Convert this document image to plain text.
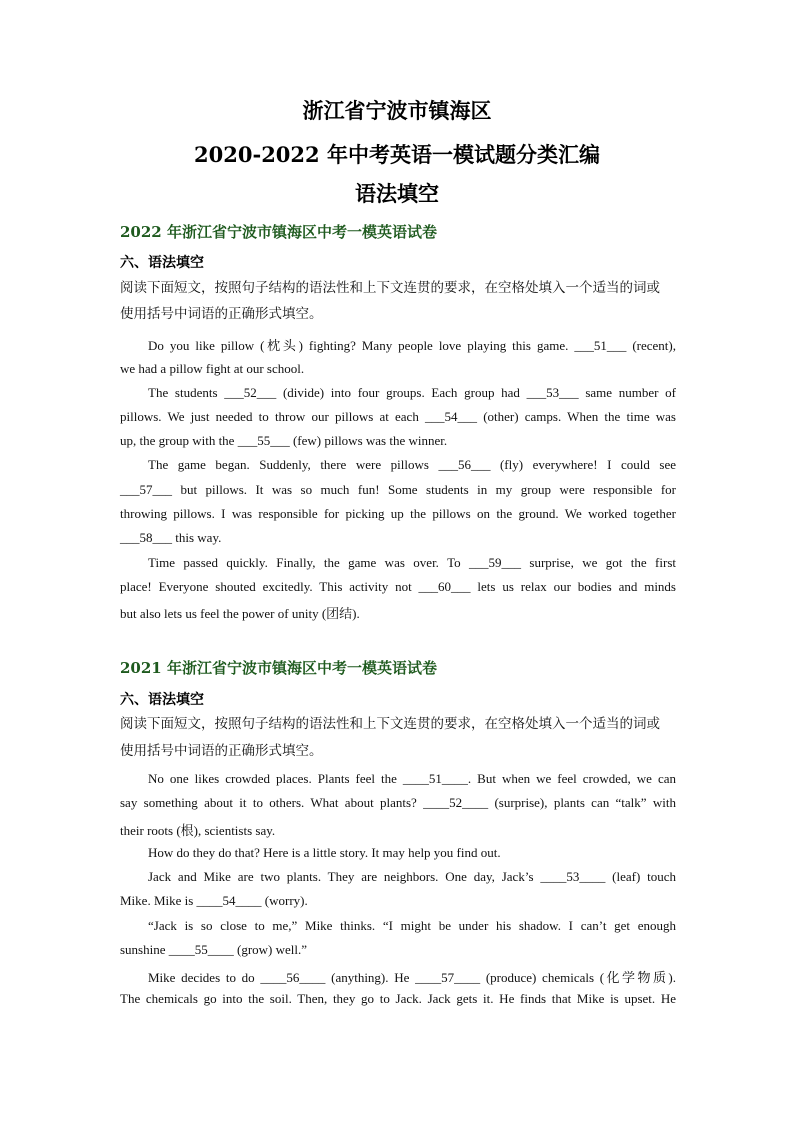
浙江省宁波市镇海区
2020-2022 年中考英语一模试题分类汇编
语法填空
2022 年浙江省宁波市镇海区中考一模英语试卷
六、语法填空
阅读下面短文，按照句子结构的语法性和上下文连贯的要求，在空格处填入一个适当的词或
使用括号中词语的正确形式填空。
Do you like pillow (枕头) fighting? Many people love playing this game. ___51___ (recent),
we had a pillow fight at our school.
The students ___52___ (divide) into four groups. Each group had ___53___ same number of
pillows. We just needed to throw our pillows at each ___54___ (other) camps. When the time was
up, the group with the ___55___ (few) pillows was the winner.
The game began. Suddenly, there were pillows ___56___ (fly) everywhere! I could see
___57___ but pillows. It was so much fun! Some students in my group were responsible for
throwing pillows. I was responsible for picking up the pillows on the ground. We worked together
___58___ this way.
Time passed quickly. Finally, the game was over. To ___59___ surprise, we got the first
place! Everyone shouted excitedly. This activity not ___60___ lets us relax our bodies and minds
but also lets us feel the power of unity (团结).
2021 年浙江省宁波市镇海区中考一模英语试卷
六、语法填空
阅读下面短文，按照句子结构的语法性和上下文连贯的要求，在空格处填入一个适当的词或
使用括号中词语的正确形式填空。
No one likes crowded places. Plants feel the ____51____. But when we feel crowded, we can
say something about it to others. What about plants? ____52____ (surprise), plants can “talk” with
their roots (根), scientists say.
How do they do that? Here is a little story. It may help you find out.
Jack and Mike are two plants. They are neighbors. One day, Jack’s ____53____ (leaf) touch
Mike. Mike is ____54____ (worry).
“Jack is so close to me,” Mike thinks. “I might be under his shadow. I can’t get enough
sunshine ____55____ (grow) well.”
Mike decides to do ____56____ (anything). He ____57____ (produce) chemicals (化学物质).
The chemicals go into the soil. Then, they go to Jack. Jack gets it. He finds that Mike is upset. He
